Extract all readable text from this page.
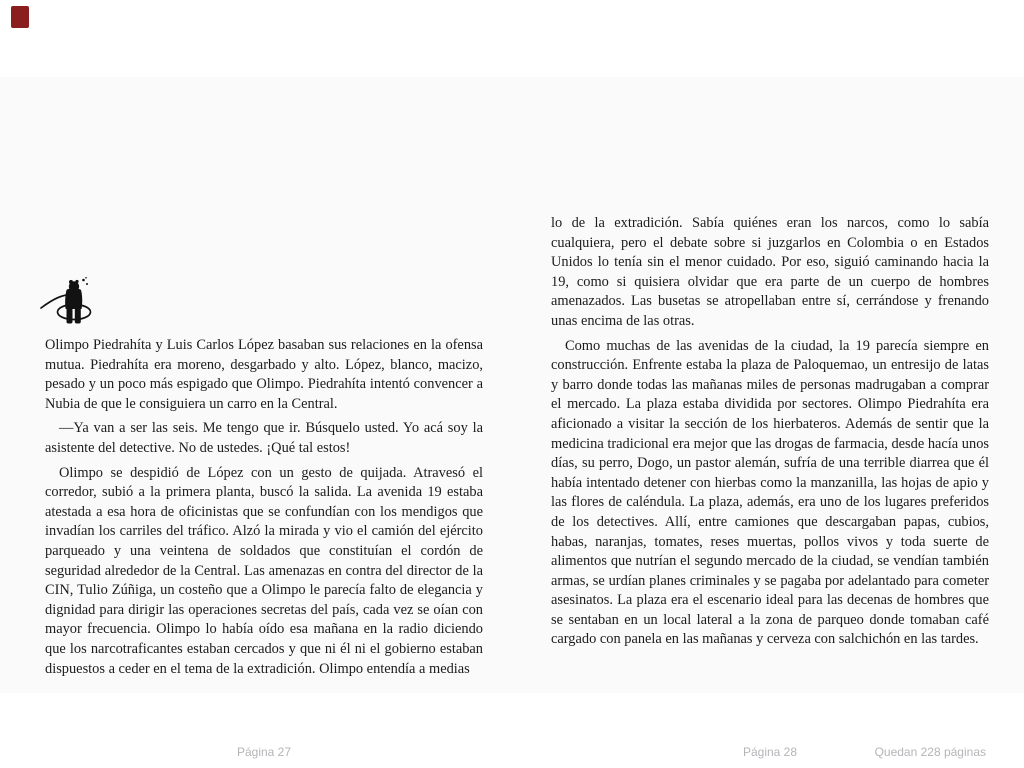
Olimpo Piedrahíta y Luis Carlos López basaban sus relaciones en la ofensa mutua. Piedrahíta era moreno, desgarbado y alto. López, blanco, macizo, pesado y un poco más espigado que Olimpo. Piedrahíta intentó convencer a Nubia de que le consiguiera un carro en la Central.

—Ya van a ser las seis. Me tengo que ir. Búsquelo usted. Yo acá soy la asistente del detective. No de ustedes. ¡Qué tal estos!

Olimpo se despidió de López con un gesto de quijada. Atravesó el corredor, subió a la primera planta, buscó la salida. La avenida 19 estaba atestada a esa hora de oficinistas que se confundían con los mendigos que invadían los carriles del tráfico. Alzó la mirada y vio el camión del ejército parqueado y una veintena de soldados que constituían el cordón de seguridad alrededor de la Central. Las amenazas en contra del director de la CIN, Tulio Zúñiga, un costeño que a Olimpo le parecía falto de elegancia y dignidad para dirigir las operaciones secretas del país, cada vez se oían con mayor frecuencia. Olimpo lo había oído esa mañana en la radio diciendo que los narcotraficantes estaban cercados y que ni él ni el gobierno estaban dispuestos a ceder en el tema de la extradición. Olimpo entendía a medias

lo de la extradición. Sabía quiénes eran los narcos, como lo sabía cualquiera, pero el debate sobre si juzgarlos en Colombia o en Estados Unidos lo tenía sin el menor cuidado. Por eso, siguió caminando hacia la 19, como si quisiera olvidar que era parte de un cuerpo de hombres amenazados. Las busetas se atropellaban entre sí, cerrándose y frenando unas encima de las otras.

Como muchas de las avenidas de la ciudad, la 19 parecía siempre en construcción. Enfrente estaba la plaza de Paloquemao, un entresijo de latas y barro donde todas las mañanas miles de personas madrugaban a comprar el mercado. La plaza estaba dividida por sectores. Olimpo Piedrahíta era aficionado a visitar la sección de los hierbateros. Además de sentir que la medicina tradicional era mejor que las drogas de farmacia, desde hacía unos días, su perro, Dogo, un pastor alemán, sufría de una terrible diarrea que él había intentado detener con hierbas como la manzanilla, las hojas de apio y las flores de caléndula. La plaza, además, era uno de los lugares preferidos de los detectives. Allí, entre camiones que descargaban papas, cubios, habas, naranjas, tomates, reses muertas, pollos vivos y toda suerte de alimentos que nutrían el segundo mercado de la ciudad, se vendían también armas, se urdían planes criminales y se pagaba por adelantado para cometer asesinatos. La plaza era el escenario ideal para las decenas de hombres que se sentaban en un local lateral a la zona de parqueo donde tomaban café cargado con panela en las mañanas y cerveza con salchichón en las tardes.

Página 27	Página 28	Quedan 228 páginas
